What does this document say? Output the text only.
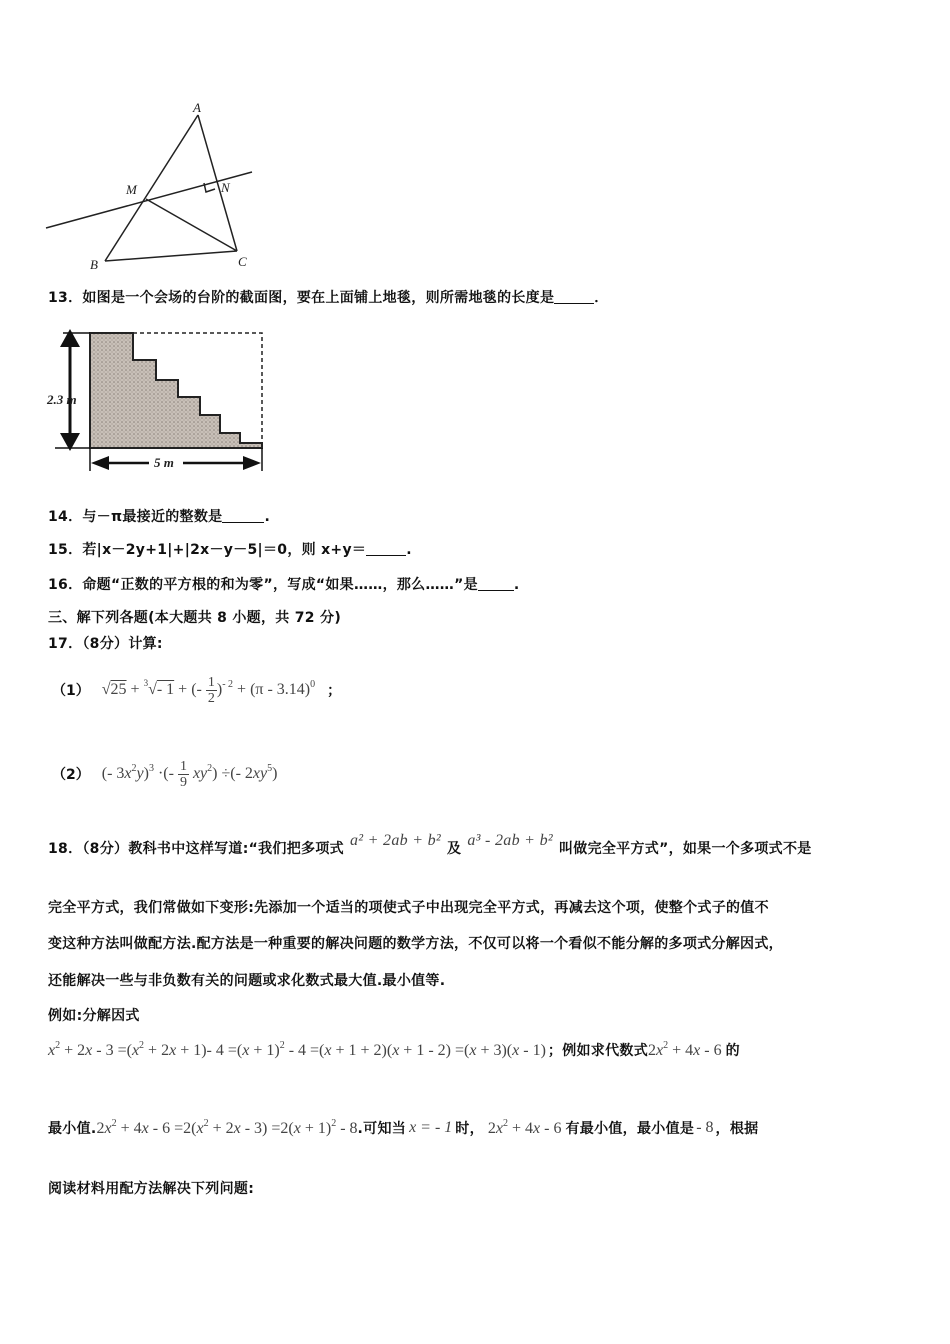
A
M	N
B	C
13．如图是一个会场的台阶的截面图，要在上面铺上地毯，则所需地毯的长度是	．
2.3 m
5 m
14．与－π最接近的整数是	.
15．若|x－2y+1|+|2x－y－5|＝0，则 x+y＝	.
16．命题“正数的平方根的和为零”，写成“如果……，那么……”是	.
三、解下列各题(本大题共 8 小题，共 72 分)
17．（8分）计算:
（1） √25 + $^3$√- 1 + (- $\frac{1}{2} )^{- 2} + (\pi - 3.14)^0$ ；
（2） (- $3x^2y)^3$ ·(- $\frac{1}{9} xy^2$) ÷(- $2xy^5$)
18．（8分）教科书中这样写道:“我们把多项式 a² + 2ab + b² 及 a³ - 2ab + b² 叫做完全平方式”，如果一个多项式不是
完全平方式，我们常做如下变形:先添加一个适当的项使式子中出现完全平方式，再减去这个项，使整个式子的值不
变这种方法叫做配方法.配方法是一种重要的解决问题的数学方法，不仅可以将一个看似不能分解的多项式分解因式，
还能解决一些与非负数有关的问题或求化数式最大值.最小值等.
例如:分解因式
$x^2 + 2x - 3 =(x^2 + 2x + 1)-$ $4 =(x + 1)^2 - 4 =(x + 1 + 2)(x + 1 - 2) =(x + 3)(x - 1)$ ；例如求代数式 $2x^2 + 4x - 6$ 的
最小值. $2x^2 + 4x - 6 =2(x^2 + 2x - 3) =2(x + 1)^2 - 8$ .可知当 x = - 1 时， $2x^2 + 4x - 6$ 有最小值，最小值是 - 8 ，根据
阅读材料用配方法解决下列问题:
